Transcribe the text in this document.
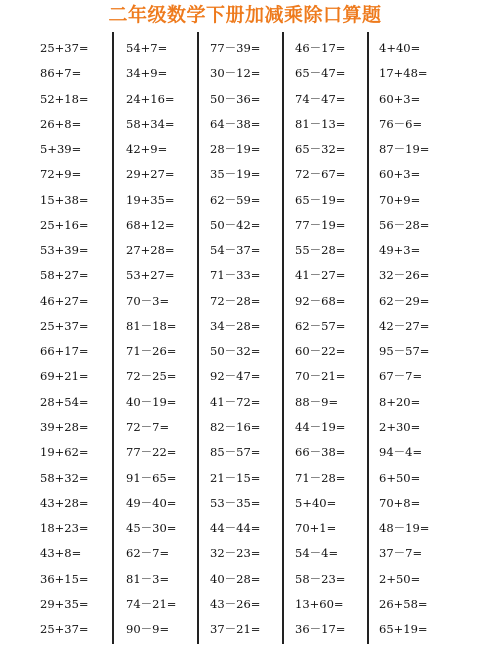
二年级数学下册加减乘除口算题
25+37=
86+7=
52+18=
26+8=
5+39=
72+9=
15+38=
25+16=
53+39=
58+27=
46+27=
25+37=
66+17=
69+21=
28+54=
39+28=
19+62=
58+32=
43+28=
18+23=
43+8=
36+15=
29+35=
25+37=
54+7=
34+9=
24+16=
58+34=
42+9=
29+27=
19+35=
68+12=
27+28=
53+27=
70－3=
81－18=
71－26=
72－25=
40－19=
72－7=
77－22=
91－65=
49－40=
45－30=
62－7=
81－3=
74－21=
90－9=
77－39=
30－12=
50－36=
64－38=
28－19=
35－19=
62－59=
50－42=
54－37=
71－33=
72－28=
34－28=
50－32=
92－47=
41－72=
82－16=
85－57=
21－15=
53－35=
44－44=
32－23=
40－28=
43－26=
37－21=
46－17=
65－47=
74－47=
81－13=
65－32=
72－67=
65－19=
77－19=
55－28=
41－27=
92－68=
62－57=
60－22=
70－21=
88－9=
44－19=
66－38=
71－28=
5+40=
70+1=
54－4=
58－23=
13+60=
36－17=
4+40=
17+48=
60+3=
76－6=
87－19=
60+3=
70+9=
56－28=
49+3=
32－26=
62－29=
42－27=
95－57=
67－7=
8+20=
2+30=
94－4=
6+50=
70+8=
48－19=
37－7=
2+50=
26+58=
65+19=
